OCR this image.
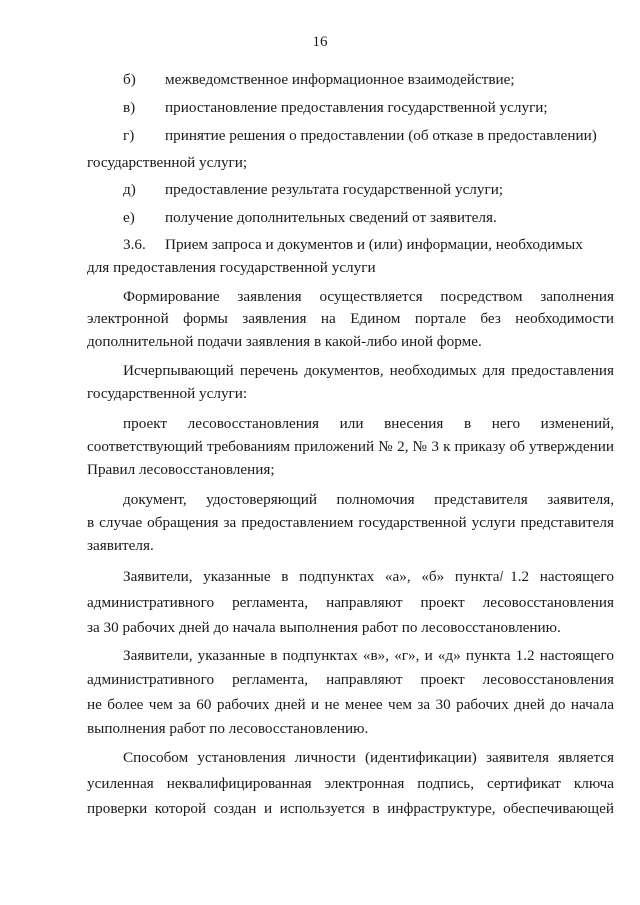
16
б) межведомственное информационное взаимодействие;
в) приостановление предоставления государственной услуги;
г) принятие решения о предоставлении (об отказе в предоставлении)
государственной услуги;
д) предоставление результата государственной услуги;
е) получение дополнительных сведений от заявителя.
3.6. Прием запроса и документов и (или) информации, необходимых
для предоставления государственной услуги
Формирование заявления осуществляется посредством заполнения
электронной формы заявления на Едином портале без необходимости
дополнительной подачи заявления в какой-либо иной форме.
Исчерпывающий перечень документов, необходимых для предоставления
государственной услуги:
проект лесовосстановления или внесения в него изменений,
соответствующий требованиям приложений № 2, № 3 к приказу об утверждении
Правил лесовосстановления;
документ, удостоверяющий полномочия представителя заявителя,
в случае обращения за предоставлением государственной услуги представителя
заявителя.
Заявители, указанные в подпунктах «а», «б» пункта 1.2 настоящего
административного регламента, направляют проект лесовосстановления
за 30 рабочих дней до начала выполнения работ по лесовосстановлению.
Заявители, указанные в подпунктах «в», «г», и «д» пункта 1.2 настоящего
административного регламента, направляют проект лесовосстановления
не более чем за 60 рабочих дней и не менее чем за 30 рабочих дней до начала
выполнения работ по лесовосстановлению.
Способом установления личности (идентификации) заявителя является
усиленная неквалифицированная электронная подпись, сертификат ключа
проверки которой создан и используется в инфраструктуре, обеспечивающей
